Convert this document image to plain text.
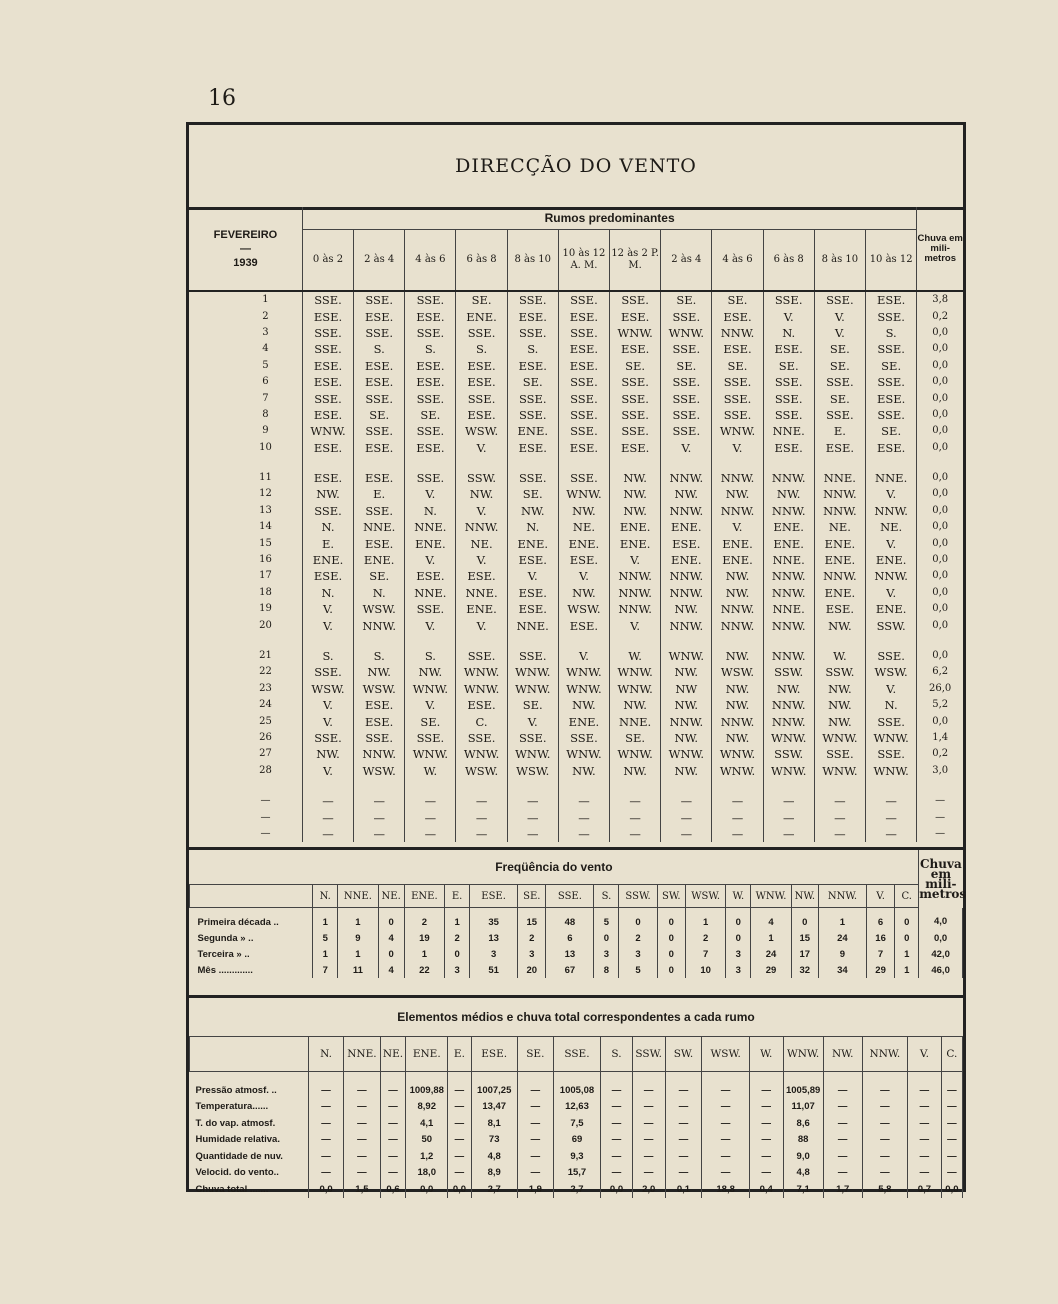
16
DIRECÇÃO DO VENTO
FEVEREIRO
—
1939	Rumos predominantes												Chuva em mili-metros
	0 às 2	2 às 4	4 às 6	6 às 8	8 às 10	10 às 12 A. M.	12 às 2 P. M.	2 às 4	4 às 6	6 às 8	8 às 10	10 às 12	
1	SSE.	SSE.	SSE.	SE.	SSE.	SSE.	SSE.	SE.	SE.	SSE.	SSE.	ESE.	3,8
2	ESE.	ESE.	ESE.	ENE.	ESE.	ESE.	ESE.	SSE.	ESE.	V.	V.	SSE.	0,2
3	SSE.	SSE.	SSE.	SSE.	SSE.	SSE.	WNW.	WNW.	NNW.	N.	V.	S.	0,0
4	SSE.	S.	S.	S.	S.	ESE.	ESE.	SSE.	ESE.	ESE.	SE.	SSE.	0,0
5	ESE.	ESE.	ESE.	ESE.	ESE.	ESE.	SE.	SE.	SE.	SE.	SE.	SE.	0,0
6	ESE.	ESE.	ESE.	ESE.	SE.	SSE.	SSE.	SSE.	SSE.	SSE.	SSE.	SSE.	0,0
7	SSE.	SSE.	SSE.	SSE.	SSE.	SSE.	SSE.	SSE.	SSE.	SSE.	SE.	ESE.	0,0
8	ESE.	SE.	SE.	ESE.	SSE.	SSE.	SSE.	SSE.	SSE.	SSE.	SSE.	SSE.	0,0
9	WNW.	SSE.	SSE.	WSW.	ENE.	SSE.	SSE.	SSE.	WNW.	NNE.	E.	SE.	0,0
10	ESE.	ESE.	ESE.	V.	ESE.	ESE.	ESE.	V.	V.	ESE.	ESE.	ESE.	0,0

11	ESE.	ESE.	SSE.	SSW.	SSE.	SSE.	NW.	NNW.	NNW.	NNW.	NNE.	NNE.	0,0
12	NW.	E.	V.	NW.	SE.	WNW.	NW.	NW.	NW.	NW.	NNW.	V.	0,0
13	SSE.	SSE.	N.	V.	NW.	NW.	NW.	NNW.	NNW.	NNW.	NNW.	NNW.	0,0
14	N.	NNE.	NNE.	NNW.	N.	NE.	ENE.	ENE.	V.	ENE.	NE.	NE.	0,0
15	E.	ESE.	ENE.	NE.	ENE.	ENE.	ENE.	ESE.	ENE.	ENE.	ENE.	V.	0,0
16	ENE.	ENE.	V.	V.	ESE.	ESE.	V.	ENE.	ENE.	NNE.	ENE.	ENE.	0,0
17	ESE.	SE.	ESE.	ESE.	V.	V.	NNW.	NNW.	NW.	NNW.	NNW.	NNW.	0,0
18	N.	N.	NNE.	NNE.	ESE.	NW.	NNW.	NNW.	NW.	NNW.	ENE.	V.	0,0
19	V.	WSW.	SSE.	ENE.	ESE.	WSW.	NNW.	NW.	NNW.	NNE.	ESE.	ENE.	0,0
20	V.	NNW.	V.	V.	NNE.	ESE.	V.	NNW.	NNW.	NNW.	NW.	SSW.	0,0

21	S.	S.	S.	SSE.	SSE.	V.	W.	WNW.	NW.	NNW.	W.	SSE.	0,0
22	SSE.	NW.	NW.	WNW.	WNW.	WNW.	WNW.	NW.	WSW.	SSW.	SSW.	WSW.	6,2
23	WSW.	WSW.	WNW.	WNW.	WNW.	WNW.	WNW.	NW	NW.	NW.	NW.	V.	26,0
24	V.	ESE.	V.	ESE.	SE.	NW.	NW.	NW.	NW.	NNW.	NW.	N.	5,2
25	V.	ESE.	SE.	C.	V.	ENE.	NNE.	NNW.	NNW.	NNW.	NW.	SSE.	0,0
26	SSE.	SSE.	SSE.	SSE.	SSE.	SSE.	SE.	NW.	NW.	WNW.	WNW.	WNW.	1,4
27	NW.	NNW.	WNW.	WNW.	WNW.	WNW.	WNW.	WNW.	WNW.	SSW.	SSE.	SSE.	0,2
28	V.	WSW.	W.	WSW.	WSW.	NW.	NW.	NW.	WNW.	WNW.	WNW.	WNW.	3,0

—	—	—	—	—	—	—	—	—	—	—	—	—	—
—	—	—	—	—	—	—	—	—	—	—	—	—	—
—	—	—	—	—	—	—	—	—	—	—	—	—	—
Freqüência do vento																			Chuva em mili-metros
	N.	NNE.	NE.	ENE.	E.	ESE.	SE.	SSE.	S.	SSW.	SW.	WSW.	W.	WNW.	NW.	NNW.	V.	C.	
Primeira década ..	1	1	0	2	1	35	15	48	5	0	0	1	0	4	0	1	6	0	4,0
Segunda » ..	5	9	4	19	2	13	2	6	0	2	0	2	0	1	15	24	16	0	0,0
Terceira » ..	1	1	0	1	0	3	3	13	3	3	0	7	3	24	17	9	7	1	42,0
Mês .............	7	11	4	22	3	51	20	67	8	5	0	10	3	29	32	34	29	1	46,0
Elementos médios e chuva total correspondentes a cada rumo																		
	N.	NNE.	NE.	ENE.	E.	ESE.	SE.	SSE.	S.	SSW.	SW.	WSW.	W.	WNW.	NW.	NNW.	V.	C.
Pressão atmosf. ..	—	—	—	1009,88	—	1007,25	—	1005,08	—	—	—	—	—	1005,89	—	—	—	—
Temperatura......	—	—	—	8,92	—	13,47	—	12,63	—	—	—	—	—	11,07	—	—	—	—
T. do vap. atmosf.	—	—	—	4,1	—	8,1	—	7,5	—	—	—	—	—	8,6	—	—	—	—
Humidade relativa.	—	—	—	50	—	73	—	69	—	—	—	—	—	88	—	—	—	—
Quantidade de nuv.	—	—	—	1,2	—	4,8	—	9,3	—	—	—	—	—	9,0	—	—	—	—
Velocid. do vento..	—	—	—	18,0	—	8,9	—	15,7	—	—	—	—	—	4,8	—	—	—	—
Chuva total .......	0,0	1,5	0,6	0,0	0,0	2,7	1,9	2,7	0,0	2,0	0,1	18,8	0,4	7,1	1,7	5,8	0,7	0,0
